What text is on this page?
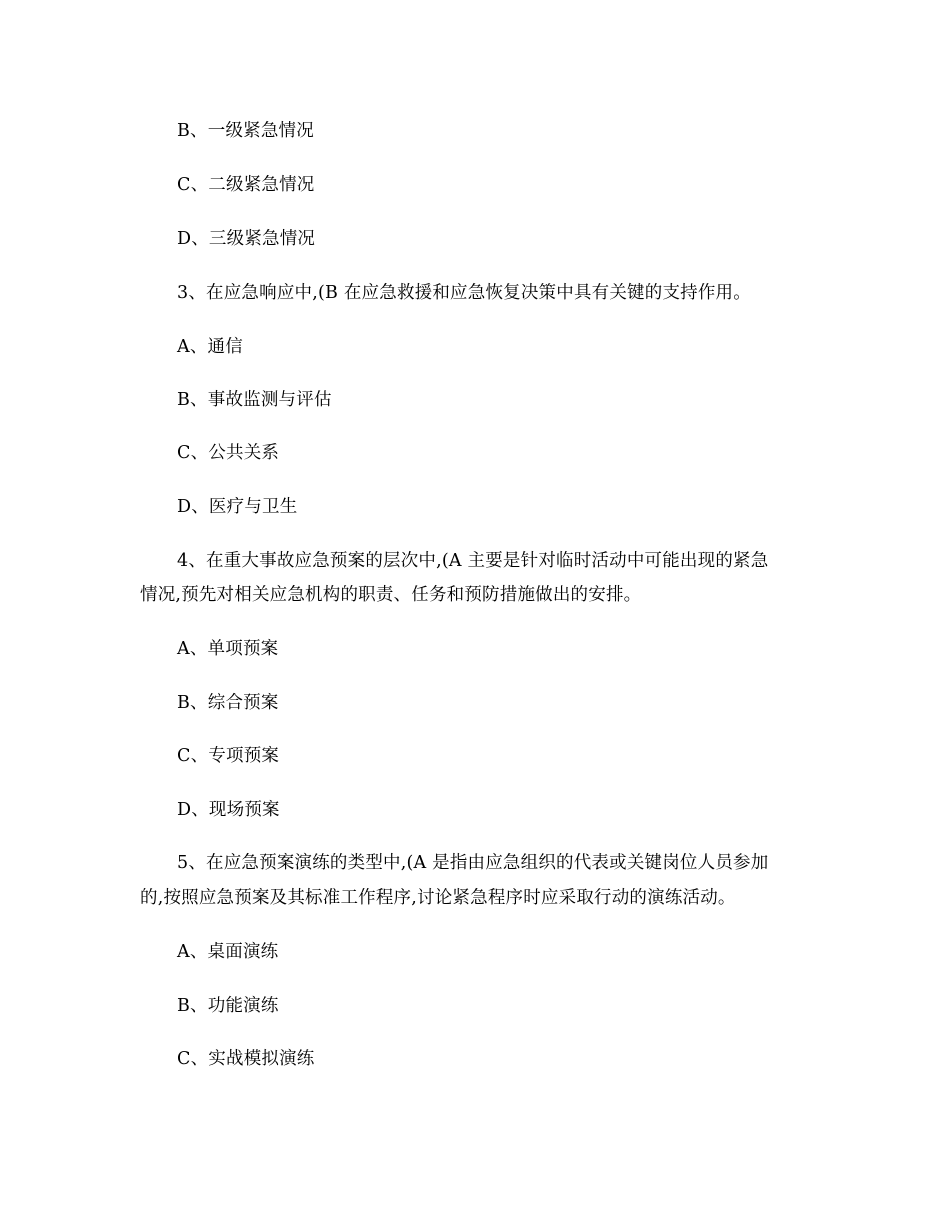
B、一级紧急情况
C、二级紧急情况
D、三级紧急情况
3、在应急响应中,(B 在应急救援和应急恢复决策中具有关键的支持作用。
A、通信
B、事故监测与评估
C、公共关系
D、医疗与卫生
4、在重大事故应急预案的层次中,(A 主要是针对临时活动中可能出现的紧急
情况,预先对相关应急机构的职责、任务和预防措施做出的安排。
A、单项预案
B、综合预案
C、专项预案
D、现场预案
5、在应急预案演练的类型中,(A 是指由应急组织的代表或关键岗位人员参加
的,按照应急预案及其标准工作程序,讨论紧急程序时应采取行动的演练活动。
A、桌面演练
B、功能演练
C、实战模拟演练
